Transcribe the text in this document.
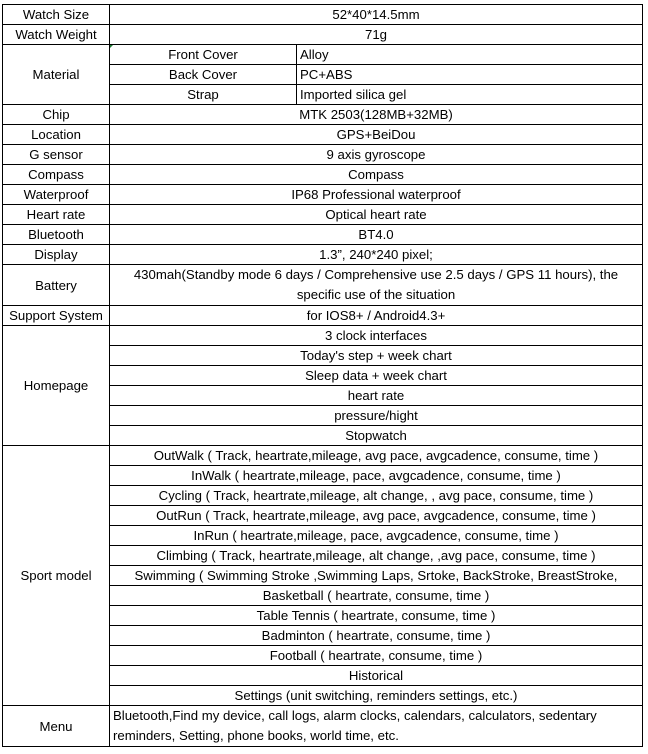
Watch Size	52*40*14.5mm	
Watch Weight	71g	
Material	Front Cover	Alloy
	Back Cover	PC+ABS
	Strap	Imported silica gel
Chip	MTK 2503(128MB+32MB)	
Location	GPS+BeiDou	
G sensor	9 axis gyroscope	
Compass	Compass	
Waterproof	IP68 Professional waterproof	
Heart rate	Optical heart rate	
Bluetooth	BT4.0	
Display	1.3”, 240*240 pixel;	
Battery	430mah(Standby mode 6 days / Comprehensive use 2.5 days / GPS 11 hours), the specific use of the situation	
Support System	for IOS8+ / Android4.3+	
Homepage	3 clock interfaces	
	Today's step + week chart	
	Sleep data + week chart	
	heart rate	
	pressure/hight	
	Stopwatch	
Sport model	OutWalk ( Track, heartrate,mileage, avg pace, avgcadence, consume, time )	
	InWalk ( heartrate,mileage, pace, avgcadence, consume, time )	
	Cycling ( Track, heartrate,mileage, alt change, , avg pace, consume, time )	
	OutRun ( Track, heartrate,mileage, avg pace, avgcadence, consume, time )	
	InRun ( heartrate,mileage, pace, avgcadence, consume, time )	
	Climbing ( Track, heartrate,mileage, alt change, ,avg pace, consume, time )	
	Swimming ( Swimming Stroke ,Swimming Laps, Srtoke, BackStroke, BreastStroke,	
	Basketball ( heartrate, consume, time )	
	Table Tennis ( heartrate, consume, time )	
	Badminton ( heartrate, consume, time )	
	Football ( heartrate, consume, time )	
	Historical	
	Settings (unit switching, reminders settings, etc.)	
Menu	Bluetooth,Find my device, call logs, alarm clocks, calendars, calculators, sedentary reminders, Setting, phone books, world time, etc.	
